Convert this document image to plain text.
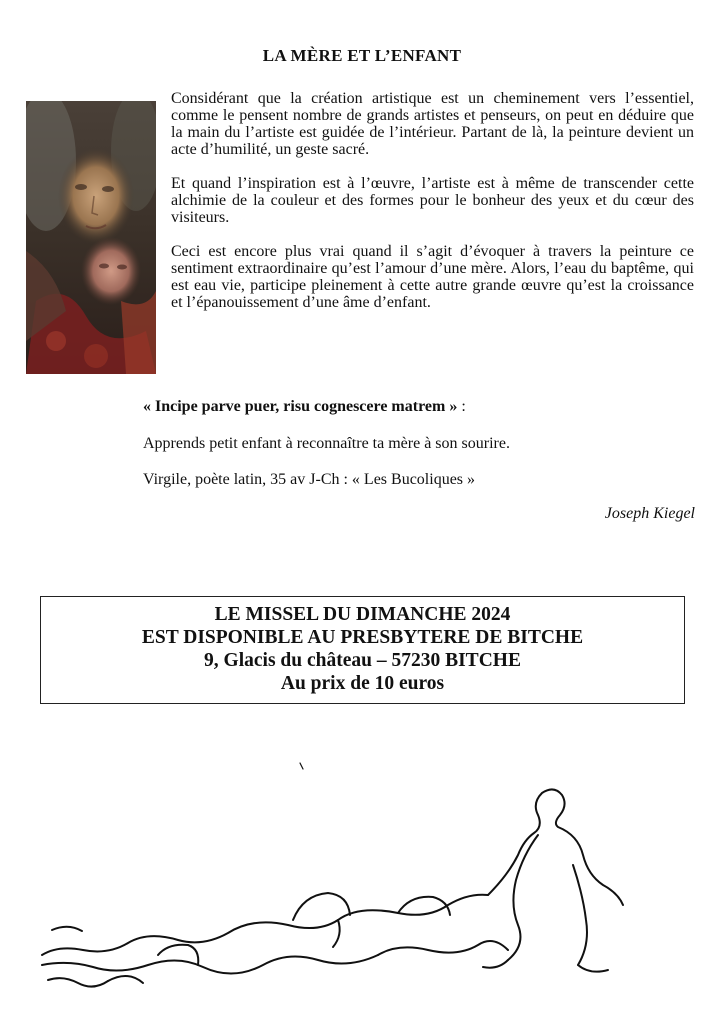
LA MÈRE ET L’ENFANT

Considérant que la création artistique est un cheminement vers l’essentiel, comme le pensent nombre de grands artistes et penseurs, on peut en déduire que la main du l’artiste est guidée de l’intérieur. Partant de là, la peinture devient un acte d’humilité, un geste sacré.

Et quand l’inspiration est à l’œuvre, l’artiste est à même de transcender cette alchimie de la couleur et des formes pour le bonheur des yeux et du cœur des visiteurs.

Ceci est encore plus vrai quand il s’agit d’évoquer à travers la peinture ce sentiment extraordinaire qu’est l’amour d’une mère. Alors, l’eau du baptême, qui est eau vie, participe pleinement à cette autre grande œuvre qu’est la croissance et l’épanouissement d’une âme d’enfant.

« Incipe parve puer, risu cognescere matrem » :
Apprends petit enfant à reconnaître ta mère à son sourire.
Virgile, poète latin, 35 av J-Ch : « Les Bucoliques »
Joseph Kiegel
LE MISSEL DU DIMANCHE 2024
EST DISPONIBLE AU PRESBYTERE DE BITCHE
9, Glacis du château – 57230 BITCHE
Au prix de 10 euros
